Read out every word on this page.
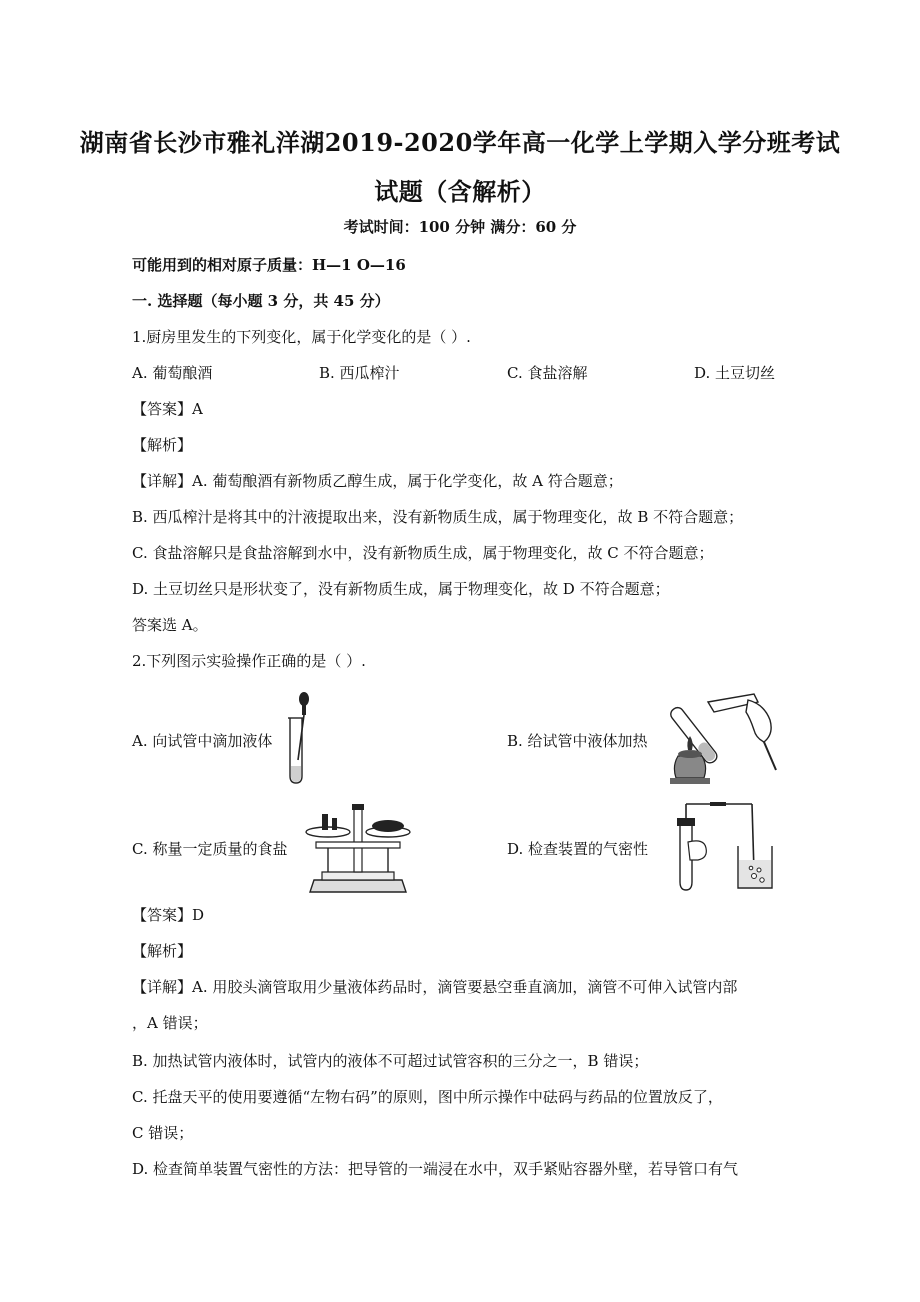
湖南省长沙市雅礼洋湖2019-2020学年高一化学上学期入学分班考试
试题（含解析）
考试时间：100 分钟 满分：60 分
可能用到的相对原子质量：H—1 O—16
一. 选择题（每小题 3 分，共 45 分）
1.厨房里发生的下列变化，属于化学变化的是（ ）.
A. 葡萄酿酒	B. 西瓜榨汁	C. 食盐溶解	D. 土豆切丝
【答案】A
【解析】
【详解】A. 葡萄酿酒有新物质乙醇生成，属于化学变化，故 A 符合题意；
B. 西瓜榨汁是将其中的汁液提取出来，没有新物质生成，属于物理变化，故 B 不符合题意；
C. 食盐溶解只是食盐溶解到水中，没有新物质生成，属于物理变化，故 C 不符合题意；
D. 土豆切丝只是形状变了，没有新物质生成，属于物理变化，故 D 不符合题意；
答案选 A。
2.下列图示实验操作正确的是（ ）.
A. 向试管中滴加液体	B. 给试管中液体加热
C. 称量一定质量的食盐	D. 检查装置的气密性
【答案】D
【解析】
【详解】A. 用胶头滴管取用少量液体药品时，滴管要悬空垂直滴加，滴管不可伸入试管内部
，A 错误；
B. 加热试管内液体时，试管内的液体不可超过试管容积的三分之一，B 错误；
C. 托盘天平的使用要遵循“左物右码”的原则，图中所示操作中砝码与药品的位置放反了，
C 错误；
D. 检查简单装置气密性的方法：把导管的一端浸在水中，双手紧贴容器外壁，若导管口有气
